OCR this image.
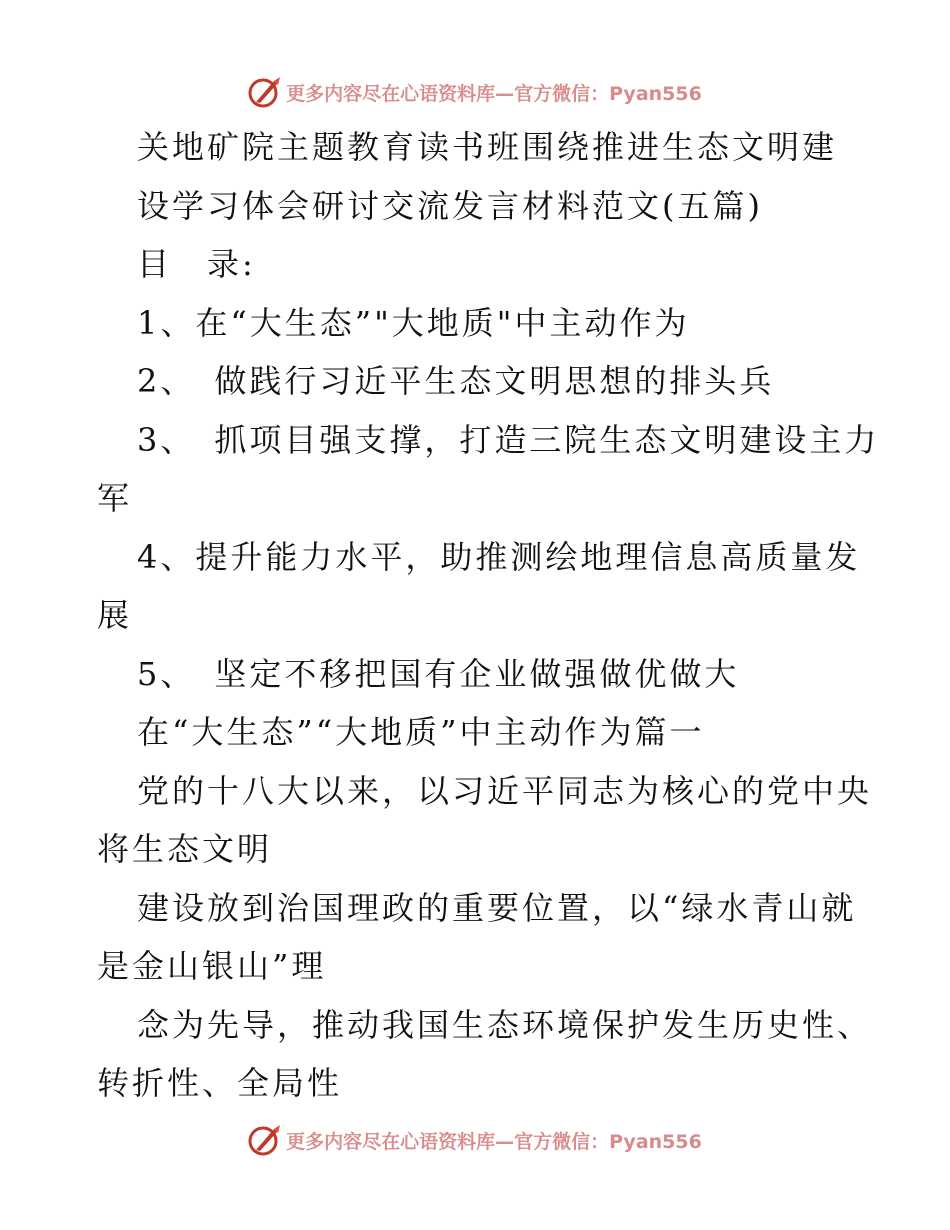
更多内容尽在心语资料库—官方微信：Pyan556

关地矿院主题教育读书班围绕推进生态文明建

设学习体会研讨交流发言材料范文(五篇)

目　录:

1、在“大生态”"大地质"中主动作为

2、　做践行习近平生态文明思想的排头兵

3、　抓项目强支撑，打造三院生态文明建设主力

军

4、提升能力水平，助推测绘地理信息高质量发

展

5、　坚定不移把国有企业做强做优做大

在“大生态”“大地质”中主动作为篇一

党的十八大以来，以习近平同志为核心的党中央

将生态文明

建设放到治国理政的重要位置，以“绿水青山就

是金山银山”理

念为先导，推动我国生态环境保护发生历史性、

转折性、全局性

更多内容尽在心语资料库—官方微信：Pyan556
